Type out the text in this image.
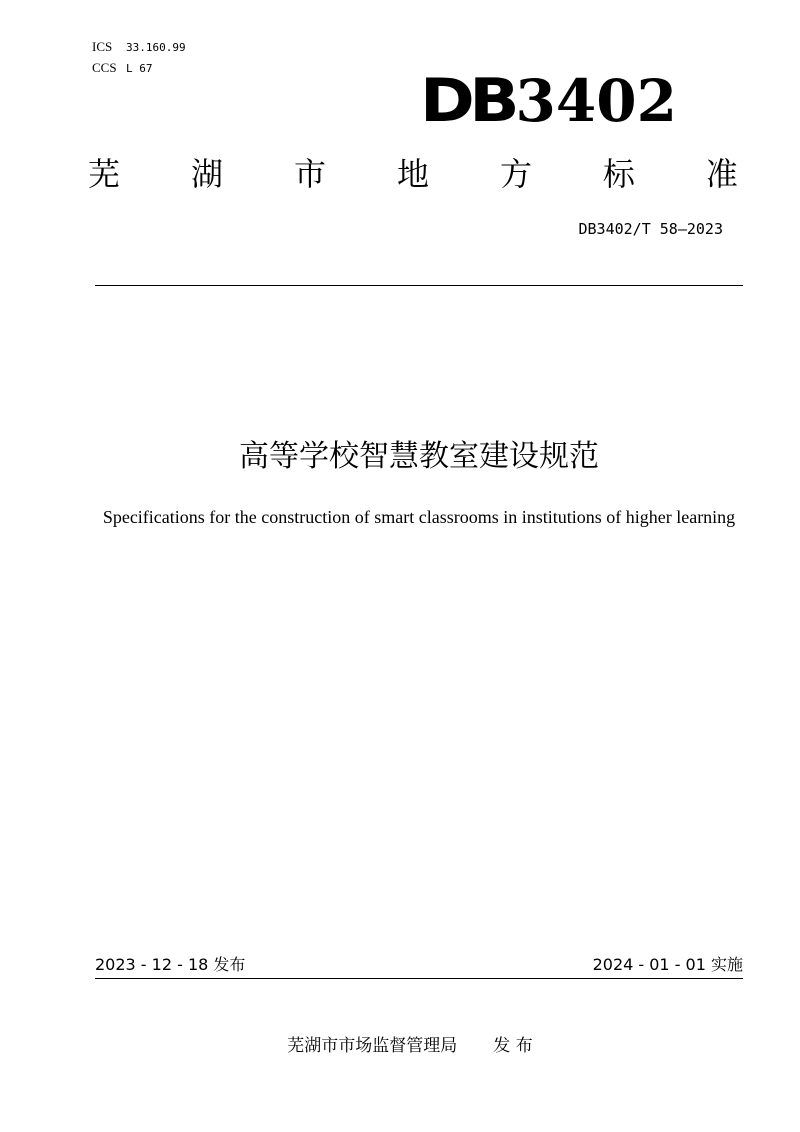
ICS 33.160.99
CCS L 67	DB3402
芜 湖 市 地 方 标 准
DB3402/T 58—2023
高等学校智慧教室建设规范
Specifications for the construction of smart classrooms in institutions of higher learning
2023 - 12 - 18 发布	2024 - 01 - 01 实施
芜湖市市场监督管理局 发 布
